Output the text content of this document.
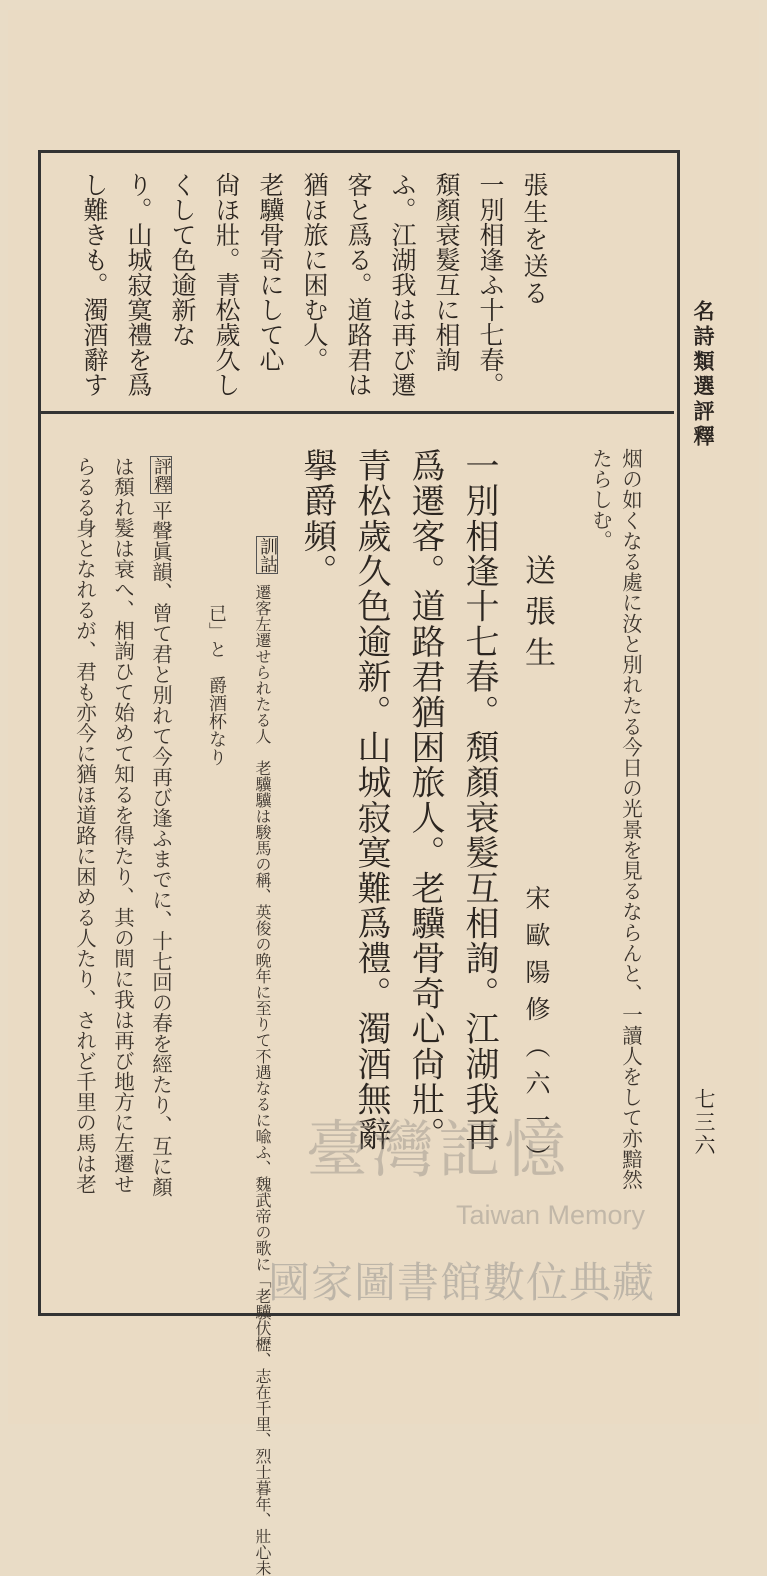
名詩類選評釋
七三六
張生を送る
一別相逢ふ十七春。
頽顏衰髮互に相詢
ふ。江湖我は再び遷
客と爲る。道路君は
猶ほ旅に困む人。
老驥骨奇にして心
尙ほ壯。青松歲久し
くして色逾新な
り。山城寂寞禮を爲
し難きも。濁酒辭す
烟の如くなる處に汝と別れたる今日の光景を見るならんと、一讀人をして亦黯然
たらしむ。
送張生
宋歐陽修（六一）
一別相逢十七春。頽顏衰髮互相詢。江湖我再
爲遷客。道路君猶困旅人。老驥骨奇心尙壯。
青松歲久色逾新。山城寂寞難爲禮。濁酒無辭
擧爵頻。
訓詁
遷客左遷せられたる人　老驥驥は駿馬の稱、英俊の晩年に至りて不遇なるに喩ふ、魏武帝の歌に「老驥伏櫪、志在千里、烈士暮年、壯心未
已」と　爵酒杯なり
評釋
平聲眞韻、曾て君と別れて今再び逢ふまでに、十七回の春を經たり、互に顏
は頽れ髮は衰へ、相詢ひて始めて知るを得たり、其の間に我は再び地方に左遷せ
らるる身となれるが、君も亦今に猶ほ道路に困める人たり、されど千里の馬は老	臺灣記憶
Taiwan Memory
國家圖書館數位典藏
